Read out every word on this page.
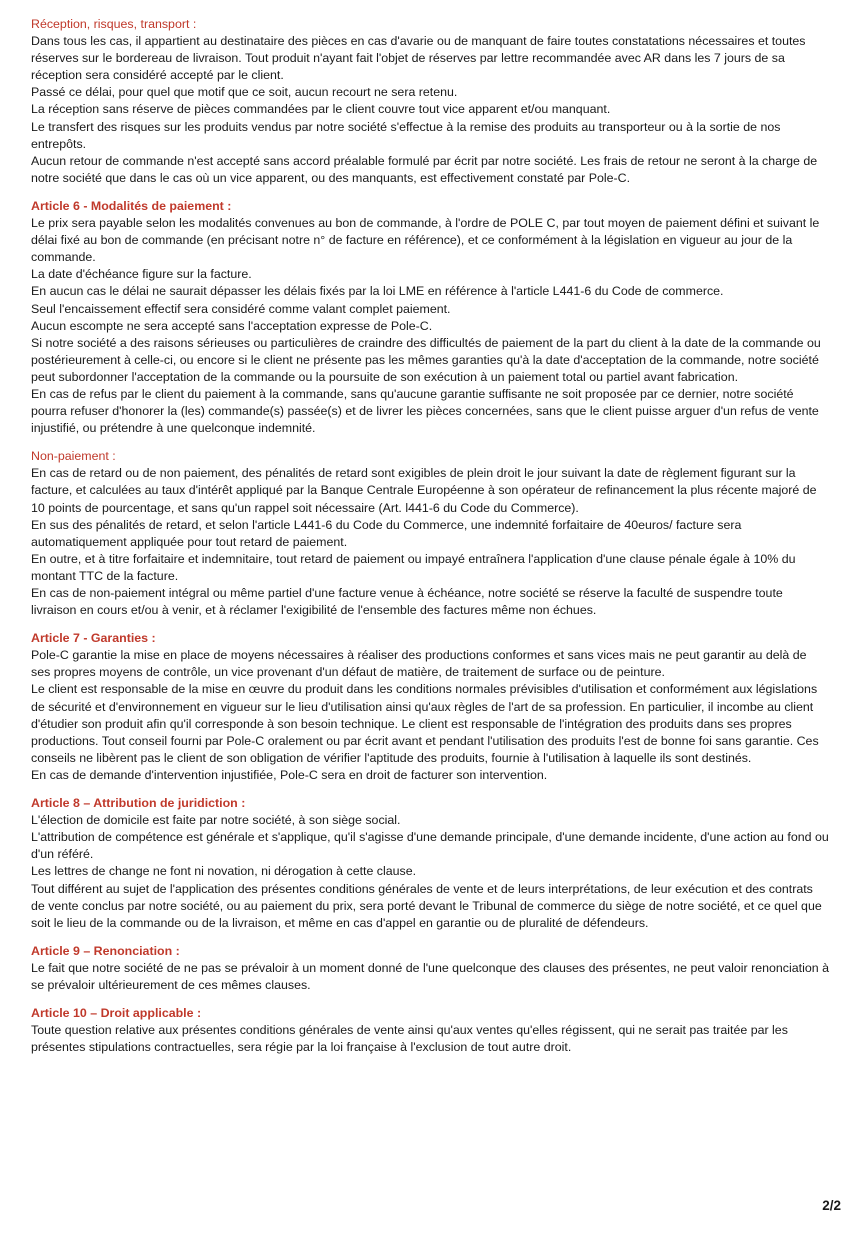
Réception, risques, transport :

Dans tous les cas, il appartient au destinataire des pièces en cas d'avarie ou de manquant de faire toutes constatations nécessaires et toutes réserves sur le bordereau de livraison. Tout produit n'ayant fait l'objet de réserves par lettre recommandée avec AR dans les 7 jours de sa réception sera considéré accepté par le client.

Passé ce délai, pour quel que motif que ce soit, aucun recourt ne sera retenu.

La réception sans réserve de pièces commandées par le client couvre tout vice apparent et/ou manquant.

Le transfert des risques sur les produits vendus par notre société s'effectue à la remise des produits au transporteur ou à la sortie de nos entrepôts.

Aucun retour de commande n'est accepté sans accord préalable formulé par écrit par notre société. Les frais de retour ne seront à la charge de notre société que dans le cas où un vice apparent, ou des manquants, est effectivement constaté par Pole-C.

Article 6 - Modalités de paiement :

Le prix sera payable selon les modalités convenues au bon de commande, à l'ordre de POLE C, par tout moyen de paiement défini et suivant le délai fixé au bon de commande (en précisant notre n° de facture en référence), et ce conformément à la législation en vigueur au jour de la commande.

La date d'échéance figure sur la facture.

En aucun cas le délai ne saurait dépasser les délais fixés par la loi LME en référence à l'article L441-6 du Code de commerce.

Seul l'encaissement effectif sera considéré comme valant complet paiement.

Aucun escompte ne sera accepté sans l'acceptation expresse de Pole-C.

Si notre société a des raisons sérieuses ou particulières de craindre des difficultés de paiement de la part du client à la date de la commande ou postérieurement à celle-ci, ou encore si le client ne présente pas les mêmes garanties qu'à la date d'acceptation de la commande, notre société peut subordonner l'acceptation de la commande ou la poursuite de son exécution à un paiement total ou partiel avant fabrication.

En cas de refus par le client du paiement à la commande, sans qu'aucune garantie suffisante ne soit proposée par ce dernier, notre société pourra refuser d'honorer la (les) commande(s) passée(s) et de livrer les pièces concernées, sans que le client puisse arguer d'un refus de vente injustifié, ou prétendre à une quelconque indemnité.

Non-paiement :

En cas de retard ou de non paiement, des pénalités de retard sont exigibles de plein droit le jour suivant la date de règlement figurant sur la facture, et calculées au taux d'intérêt appliqué par la Banque Centrale Européenne à son opérateur de refinancement la plus récente majoré de 10 points de pourcentage, et sans qu'un rappel soit nécessaire (Art. l441-6 du Code du Commerce).

En sus des pénalités de retard, et selon l'article L441-6 du Code du Commerce, une indemnité forfaitaire de 40euros/ facture sera automatiquement appliquée pour tout retard de paiement.

En outre, et à titre forfaitaire et indemnitaire, tout retard de paiement ou impayé entraînera l'application d'une clause pénale égale à 10% du montant TTC de la facture.

En cas de non-paiement intégral ou même partiel d'une facture venue à échéance, notre société se réserve la faculté de suspendre toute livraison en cours et/ou à venir, et à réclamer l'exigibilité de l'ensemble des factures même non échues.

Article 7 - Garanties :

Pole-C garantie la mise en place de moyens nécessaires à réaliser des productions conformes et sans vices mais ne peut garantir au delà de ses propres moyens de contrôle, un vice provenant d'un défaut de matière, de traitement de surface ou de peinture.

Le client est responsable de la mise en œuvre du produit dans les conditions normales prévisibles d'utilisation et conformément aux législations de sécurité et d'environnement en vigueur sur le lieu d'utilisation ainsi qu'aux règles de l'art de sa profession. En particulier, il incombe au client d'étudier son produit afin qu'il corresponde à son besoin technique. Le client est responsable de l'intégration des produits dans ses propres productions. Tout conseil fourni par Pole-C oralement ou par écrit avant et pendant l'utilisation des produits l'est de bonne foi sans garantie. Ces conseils ne libèrent pas le client de son obligation de vérifier l'aptitude des produits, fournie à l'utilisation à laquelle ils sont destinés.

En cas de demande d'intervention injustifiée, Pole-C sera en droit de facturer son intervention.

Article 8 – Attribution de juridiction :

L'élection de domicile est faite par notre société, à son siège social.

L'attribution de compétence est générale et s'applique, qu'il s'agisse d'une demande principale, d'une demande incidente, d'une action au fond ou d'un référé.

Les lettres de change ne font ni novation, ni dérogation à cette clause.

Tout différent au sujet de l'application des présentes conditions générales de vente et de leurs interprétations, de leur exécution et des contrats de vente conclus par notre société, ou au paiement du prix, sera porté devant le Tribunal de commerce du siège de notre société, et ce quel que soit le lieu de la commande ou de la livraison, et même en cas d'appel en garantie ou de pluralité de défendeurs.

Article 9 – Renonciation :

Le fait que notre société de ne pas se prévaloir à un moment donné de l'une quelconque des clauses des présentes, ne peut valoir renonciation à se prévaloir ultérieurement de ces mêmes clauses.

Article 10 – Droit applicable :

Toute question relative aux présentes conditions générales de vente ainsi qu'aux ventes qu'elles régissent, qui ne serait pas traitée par les présentes stipulations contractuelles, sera régie par la loi française à l'exclusion de tout autre droit.

2/2
